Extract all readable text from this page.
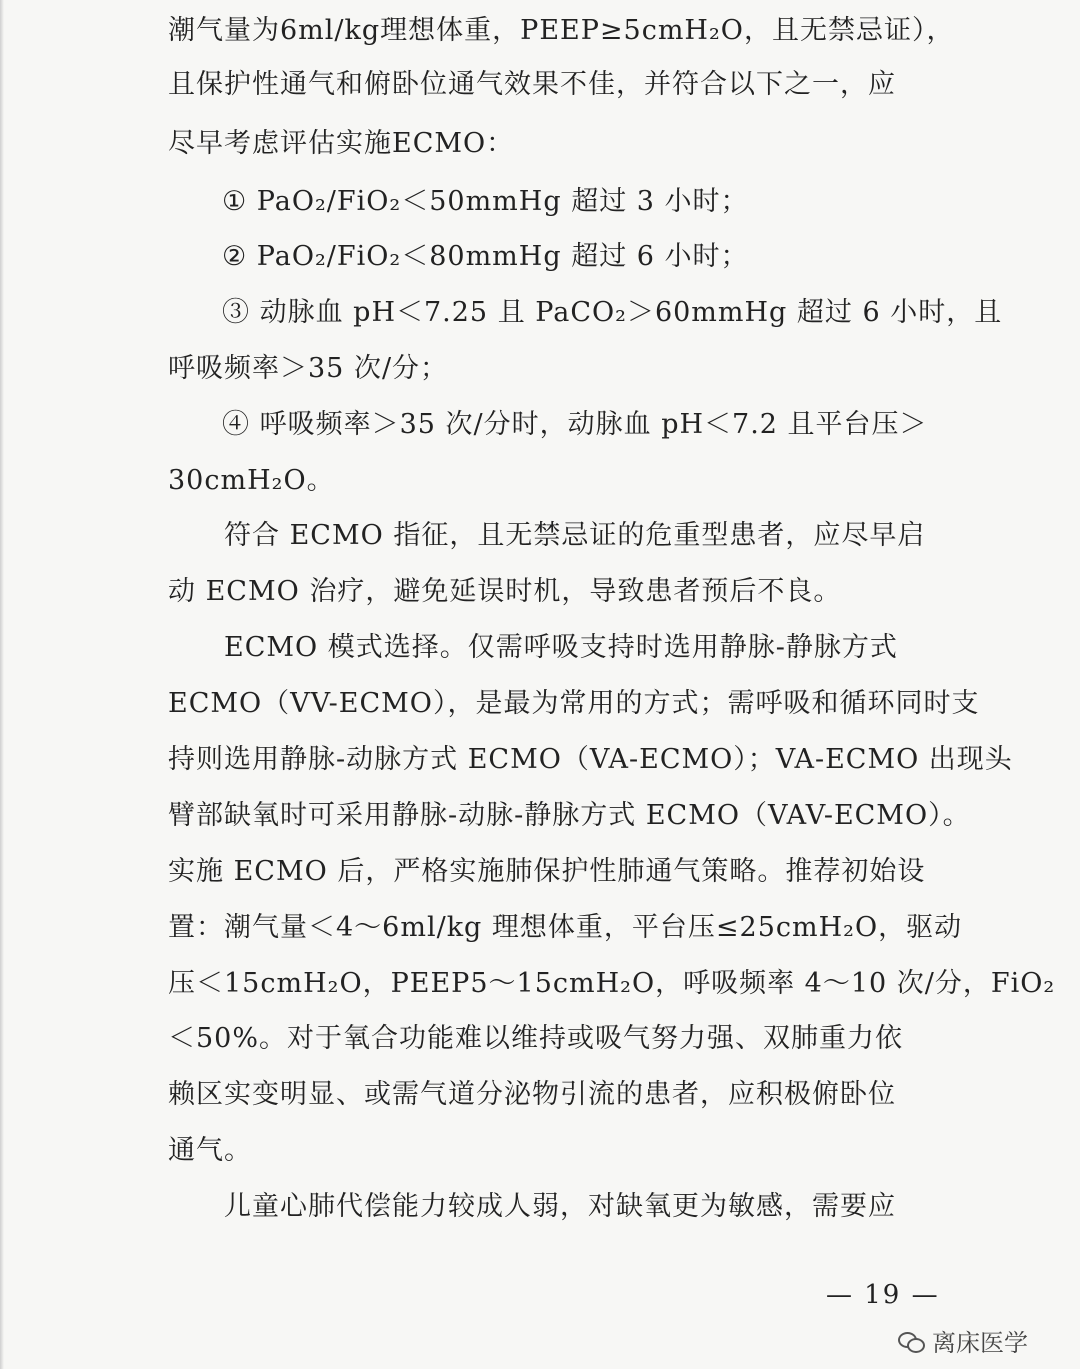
潮气量为6ml/kg理想体重，PEEP≥5cmH₂O，且无禁忌证），
且保护性通气和俯卧位通气效果不佳，并符合以下之一，应
尽早考虑评估实施ECMO：
① PaO₂/FiO₂＜50mmHg 超过 3 小时；
② PaO₂/FiO₂＜80mmHg 超过 6 小时；
③ 动脉血 pH＜7.25 且 PaCO₂＞60mmHg 超过 6 小时，且
呼吸频率＞35 次/分；
④ 呼吸频率＞35 次/分时，动脉血 pH＜7.2 且平台压＞
30cmH₂O。
符合 ECMO 指征，且无禁忌证的危重型患者，应尽早启
动 ECMO 治疗，避免延误时机，导致患者预后不良。
ECMO 模式选择。仅需呼吸支持时选用静脉-静脉方式
ECMO（VV-ECMO），是最为常用的方式；需呼吸和循环同时支
持则选用静脉-动脉方式 ECMO（VA-ECMO）；VA-ECMO 出现头
臂部缺氧时可采用静脉-动脉-静脉方式 ECMO（VAV-ECMO）。
实施 ECMO 后，严格实施肺保护性肺通气策略。推荐初始设
置：潮气量＜4～6ml/kg 理想体重，平台压≤25cmH₂O，驱动
压＜15cmH₂O，PEEP5～15cmH₂O，呼吸频率 4～10 次/分，FiO₂
＜50%。对于氧合功能难以维持或吸气努力强、双肺重力依
赖区实变明显、或需气道分泌物引流的患者，应积极俯卧位
通气。
儿童心肺代偿能力较成人弱，对缺氧更为敏感，需要应
— 19 —
离床医学
